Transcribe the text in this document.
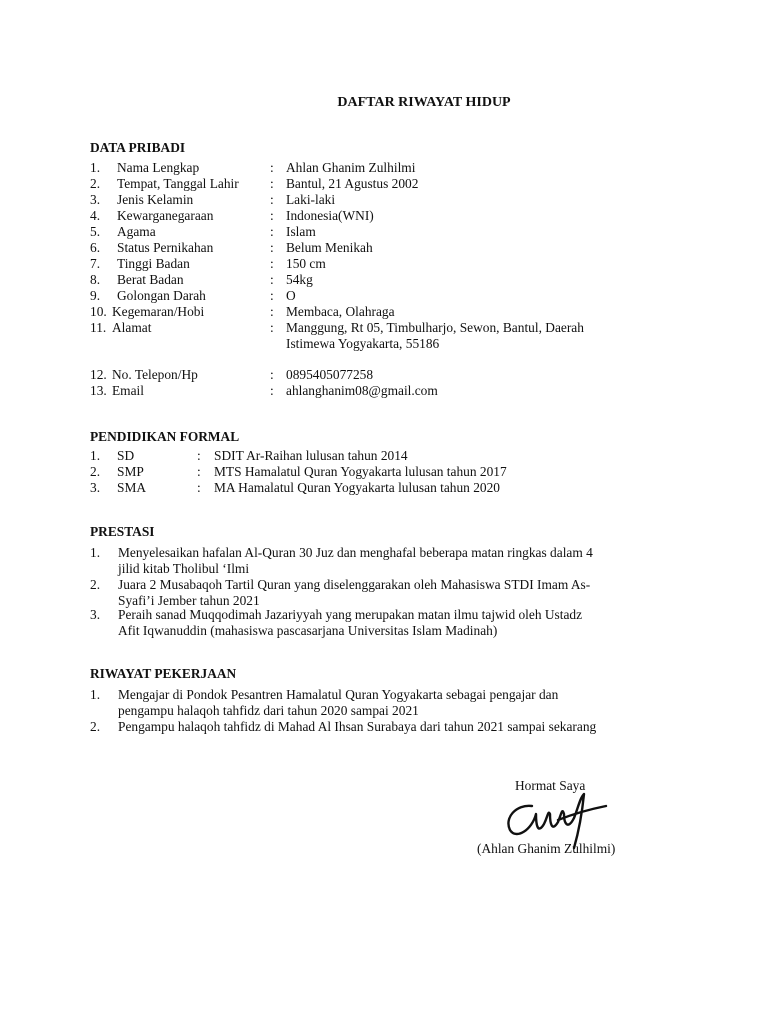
DAFTAR RIWAYAT HIDUP
DATA PRIBADI
1. Nama Lengkap	: Ahlan Ghanim Zulhilmi
2. Tempat, Tanggal Lahir : Bantul, 21 Agustus 2002
3. Jenis Kelamin	: Laki-laki
4. Kewarganegaraan	: Indonesia(WNI)
5. Agama	: Islam
6. Status Pernikahan	: Belum Menikah
7. Tinggi Badan	: 150 cm
8. Berat Badan	: 54kg
9. Golongan Darah	: O
10. Kegemaran/Hobi	: Membaca, Olahraga
11. Alamat	: Manggung, Rt 05, Timbulharjo, Sewon, Bantul, Daerah
Istimewa Yogyakarta, 55186
12. No. Telepon/Hp	: 0895405077258
13. Email	: ahlanghanim08@gmail.com
PENDIDIKAN FORMAL
1. SD	: SDIT Ar-Raihan lulusan tahun 2014
2. SMP	: MTS Hamalatul Quran Yogyakarta lulusan tahun 2017
3. SMA	: MA Hamalatul Quran Yogyakarta lulusan tahun 2020
PRESTASI
1. Menyelesaikan hafalan Al-Quran 30 Juz dan menghafal beberapa matan ringkas dalam 4
jilid kitab Tholibul ‘Ilmi
2. Juara 2 Musabaqoh Tartil Quran yang diselenggarakan oleh Mahasiswa STDI Imam As-
Syafi’i Jember tahun 2021
3. Peraih sanad Muqqodimah Jazariyyah yang merupakan matan ilmu tajwid oleh Ustadz
Afit Iqwanuddin (mahasiswa pascasarjana Universitas Islam Madinah)
RIWAYAT PEKERJAAN
1. Mengajar di Pondok Pesantren Hamalatul Quran Yogyakarta sebagai pengajar dan
pengampu halaqoh tahfidz dari tahun 2020 sampai 2021
2. Pengampu halaqoh tahfidz di Mahad Al Ihsan Surabaya dari tahun 2021 sampai sekarang
Hormat Saya
(Ahlan Ghanim Zulhilmi)
